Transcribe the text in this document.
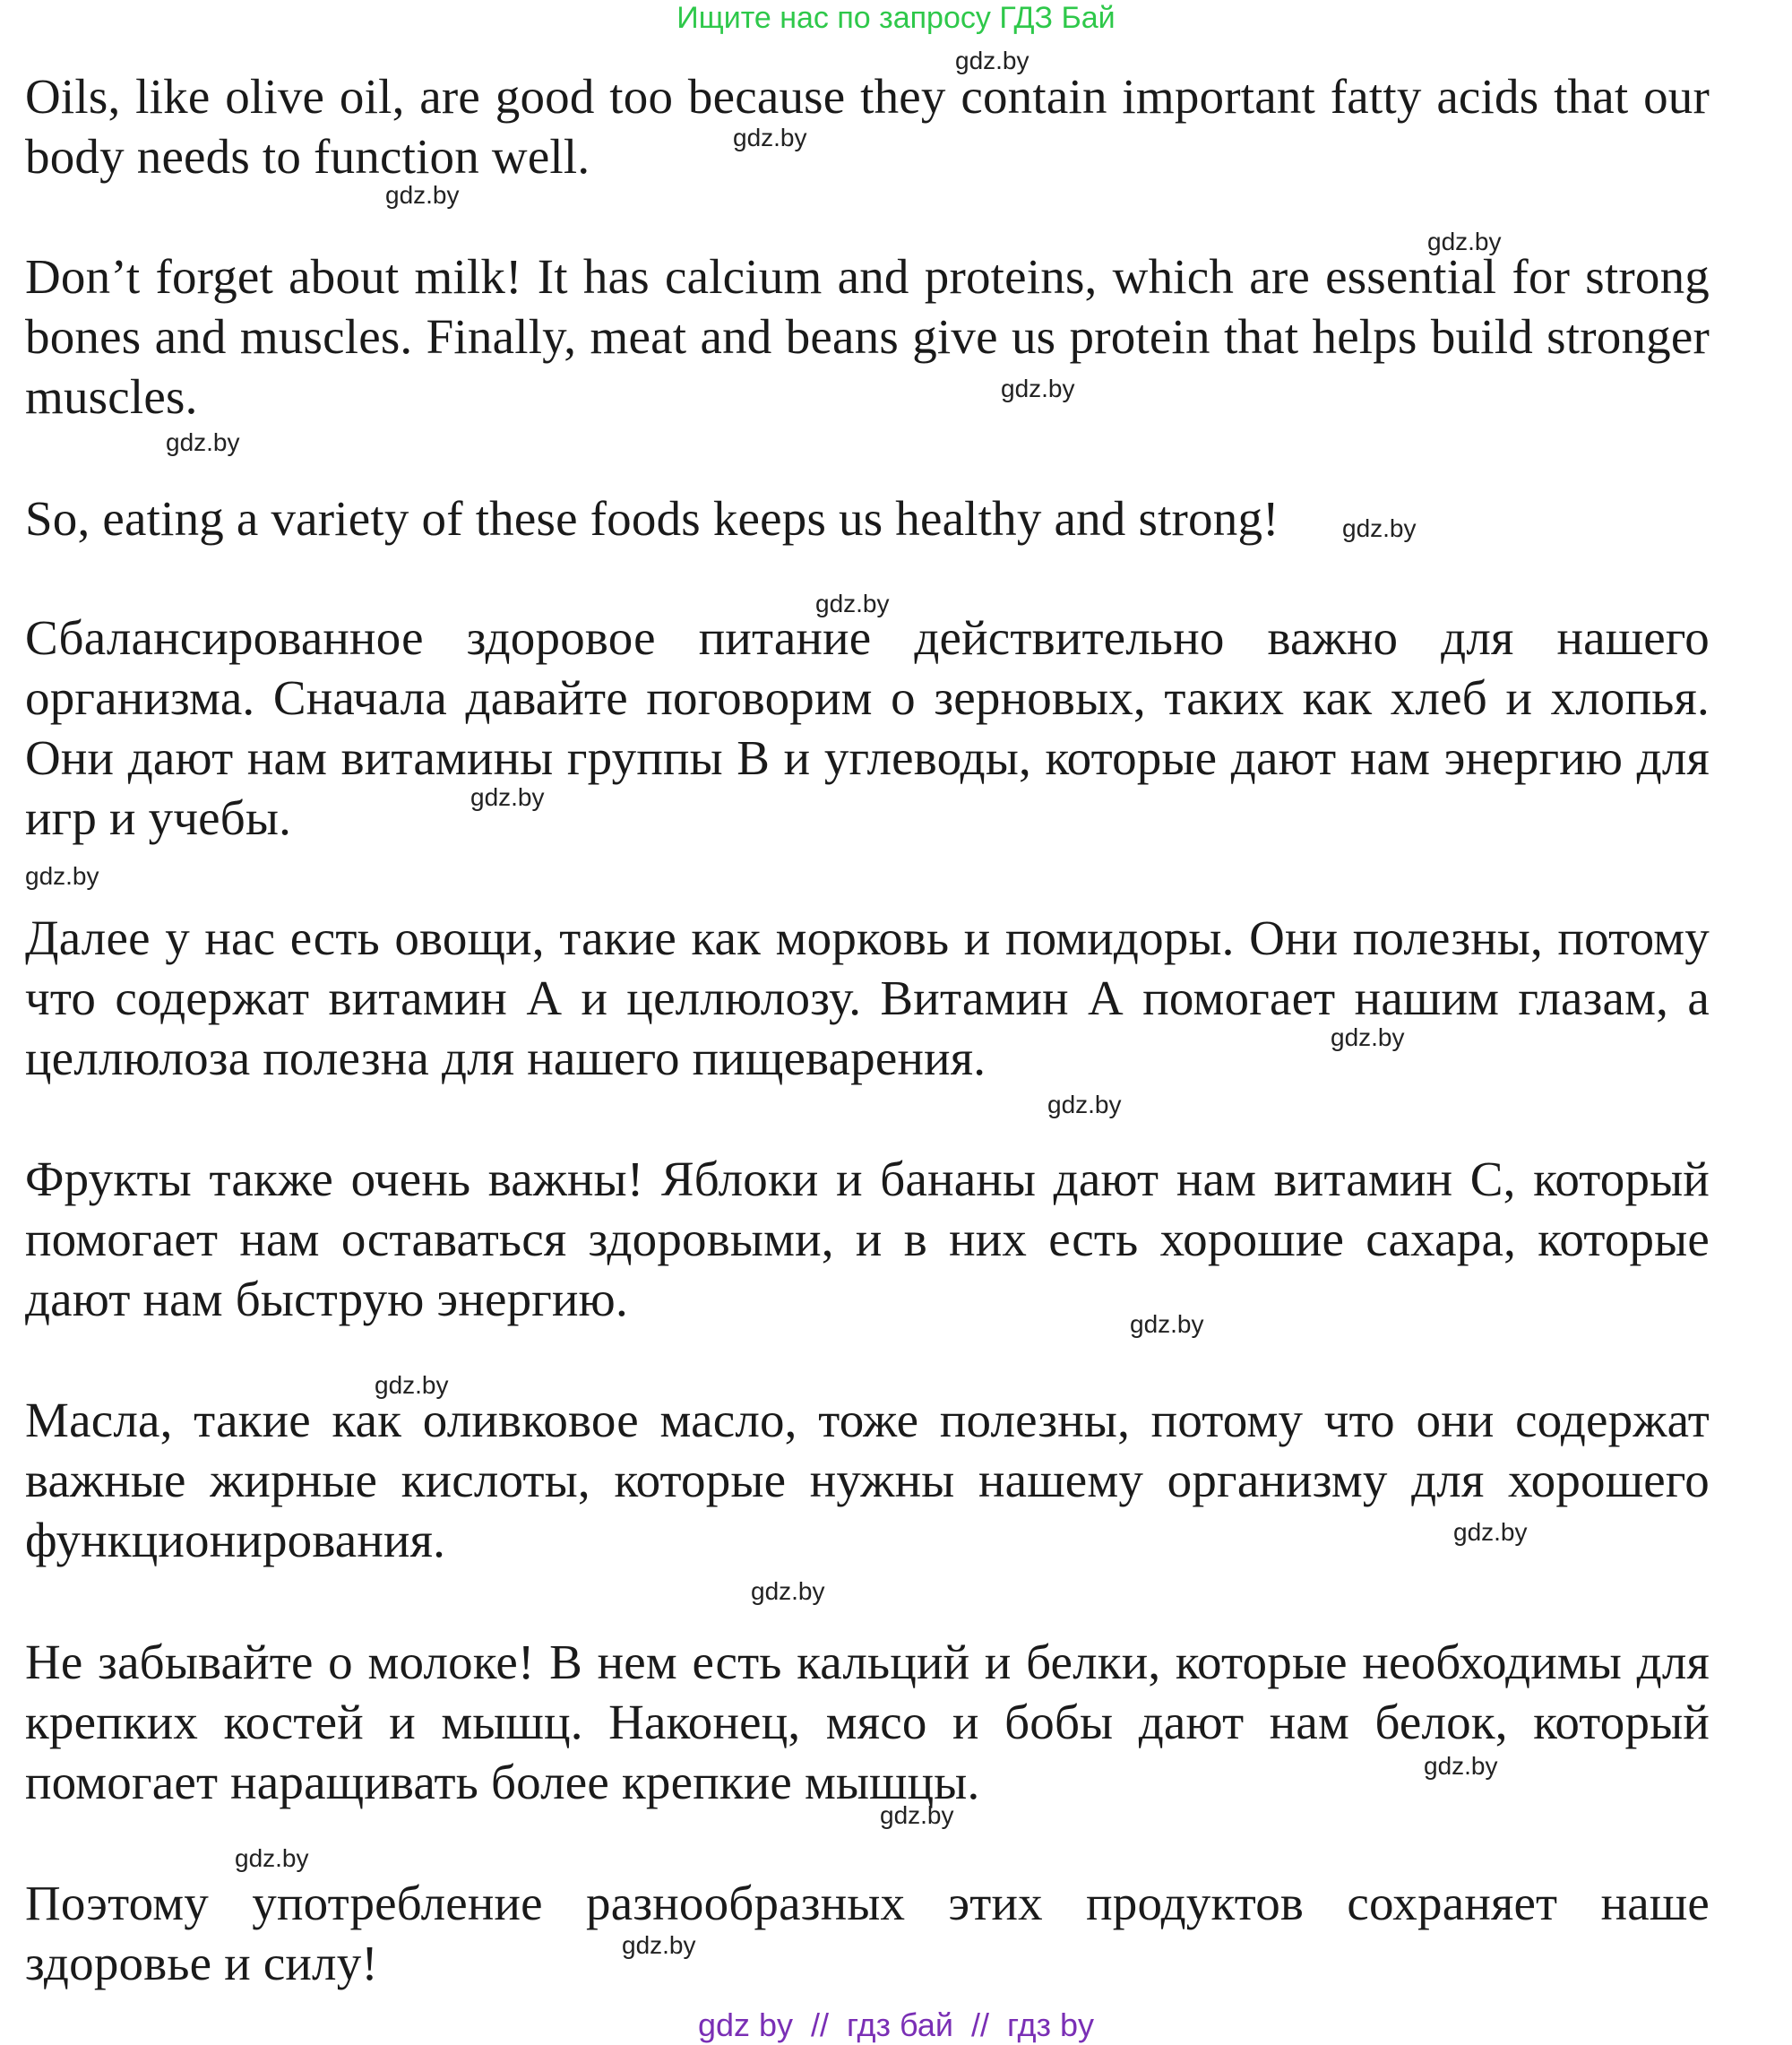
Ищите нас по запросу ГДЗ Бай

Oils, like olive oil, are good too because they contain important fatty acids that our body needs to function well.

Don’t forget about milk! It has calcium and proteins, which are essential for strong bones and muscles. Finally, meat and beans give us protein that helps build stronger muscles.

So, eating a variety of these foods keeps us healthy and strong!

Сбалансированное здоровое питание действительно важно для нашего организма. Сначала давайте поговорим о зерновых, таких как хлеб и хлопья. Они дают нам витамины группы В и углеводы, которые дают нам энергию для игр и учебы.

Далее у нас есть овощи, такие как морковь и помидоры. Они полезны, потому что содержат витамин А и целлюлозу. Витамин А помогает нашим глазам, а целлюлоза полезна для нашего пищеварения.

Фрукты также очень важны! Яблоки и бананы дают нам витамин С, который помогает нам оставаться здоровыми, и в них есть хорошие сахара, которые дают нам быструю энергию.

Масла, такие как оливковое масло, тоже полезны, потому что они содержат важные жирные кислоты, которые нужны нашему организму для хорошего функционирования.

Не забывайте о молоке! В нем есть кальций и белки, которые необходимы для крепких костей и мышц. Наконец, мясо и бобы дают нам белок, который помогает наращивать более крепкие мышцы.

Поэтому употребление разнообразных этих продуктов сохраняет наше здоровье и силу!

gdz.by
gdz.by
gdz.by
gdz.by
gdz.by
gdz.by
gdz.by
gdz.by
gdz.by
gdz.by
gdz.by
gdz.by
gdz.by
gdz.by
gdz.by
gdz.by
gdz.by
gdz.by
gdz.by
gdz.by
gdz by  //  гдз бай  //  гдз by
